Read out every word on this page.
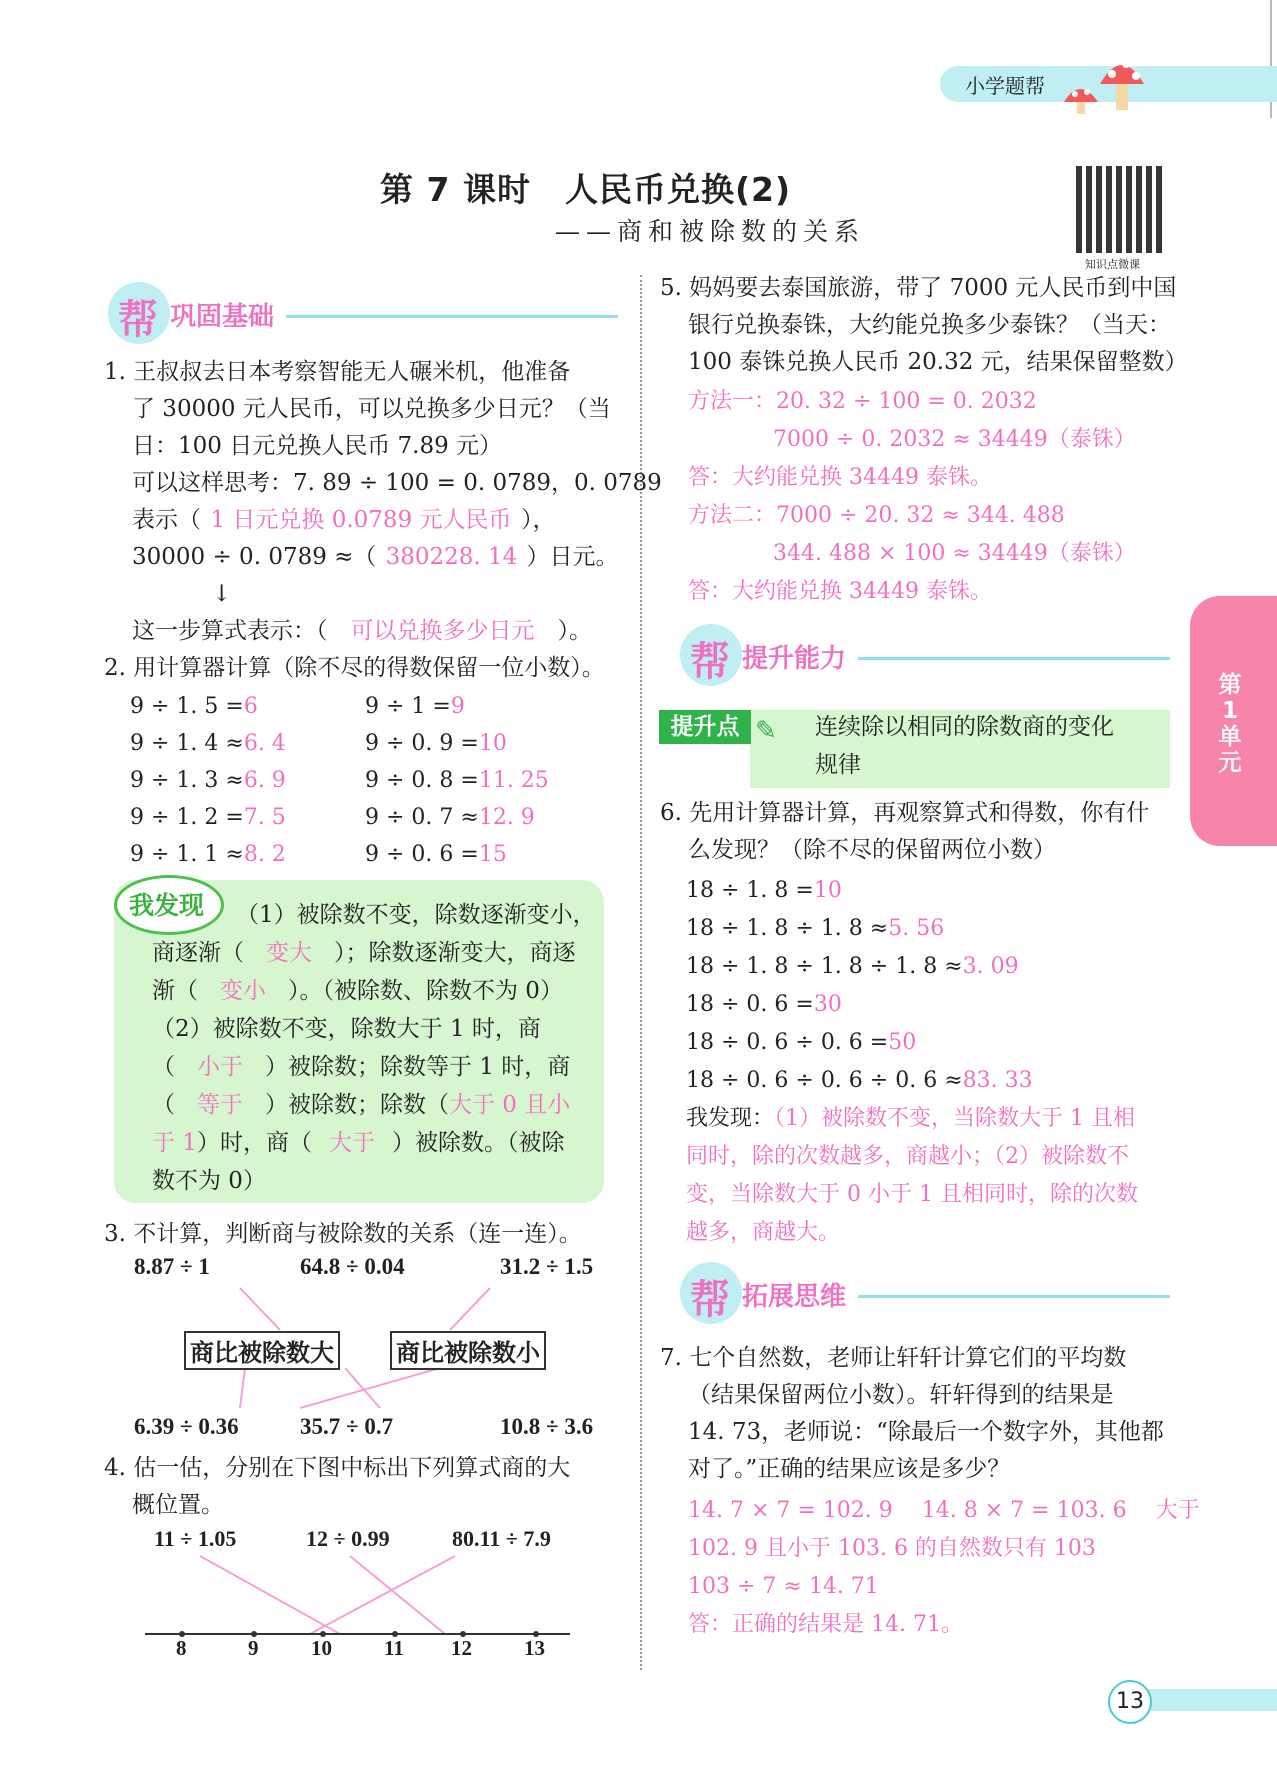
小学题帮
第 7 课时　人民币兑换(2)
——商和被除数的关系
知识点微课
帮 巩固基础
1. 王叔叔去日本考察智能无人碾米机，他准备
了 30000 元人民币，可以兑换多少日元？（当
日：100 日元兑换人民币 7.89 元）
可以这样思考：7. 89 ÷ 100 = 0. 0789，0. 0789
表示（ 1 日元兑换 0.0789 元人民币 ），
30000 ÷ 0. 0789 ≈（ 380228. 14 ）日元。
↓
这一步算式表示：（ 可以兑换多少日元 ）。
2. 用计算器计算（除不尽的得数保留一位小数）。
9 ÷ 1. 5 =6	9 ÷ 1 =9
9 ÷ 1. 4 ≈6. 4	9 ÷ 0. 9 =10
9 ÷ 1. 3 ≈6. 9	9 ÷ 0. 8 =11. 25
9 ÷ 1. 2 =7. 5	9 ÷ 0. 7 ≈12. 9
9 ÷ 1. 1 ≈8. 2	9 ÷ 0. 6 =15
我发现	（1）被除数不变，除数逐渐变小，
商逐渐（ 变大 ）；除数逐渐变大，商逐
渐（ 变小 ）。（被除数、除数不为 0）
（2）被除数不变，除数大于 1 时，商
（ 小于 ）被除数；除数等于 1 时，商
（ 等于 ）被除数；除数（大于 0 且小
于 1）时，商（ 大于 ）被除数。（被除
数不为 0）
3. 不计算，判断商与被除数的关系（连一连）。
8.87 ÷ 1	64.8 ÷ 0.04	31.2 ÷ 1.5
商比被除数大	商比被除数小
6.39 ÷ 0.36	35.7 ÷ 0.7	10.8 ÷ 3.6
4. 估一估，分别在下图中标出下列算式商的大
概位置。
11 ÷ 1.05	12 ÷ 0.99	80.11 ÷ 7.9
8	9	10 11 12 13
5. 妈妈要去泰国旅游，带了 7000 元人民币到中国
银行兑换泰铢，大约能兑换多少泰铢？（当天：
100 泰铢兑换人民币 20.32 元，结果保留整数）
方法一：20. 32 ÷ 100 = 0. 2032
7000 ÷ 0. 2032 ≈ 34449（泰铢）
答：大约能兑换 34449 泰铢。
方法二：7000 ÷ 20. 32 ≈ 344. 488
344. 488 × 100 ≈ 34449（泰铢）
答：大约能兑换 34449 泰铢。
帮 提升能力
提升点 ✎ 连续除以相同的除数商的变化
规律
6. 先用计算器计算，再观察算式和得数，你有什
么发现？（除不尽的保留两位小数）
18 ÷ 1. 8 =10
18 ÷ 1. 8 ÷ 1. 8 ≈5. 56
18 ÷ 1. 8 ÷ 1. 8 ÷ 1. 8 ≈3. 09
18 ÷ 0. 6 =30
18 ÷ 0. 6 ÷ 0. 6 =50
18 ÷ 0. 6 ÷ 0. 6 ÷ 0. 6 ≈83. 33
我发现：（1）被除数不变，当除数大于 1 且相
同时，除的次数越多，商越小；（2）被除数不
变，当除数大于 0 小于 1 且相同时，除的次数
越多，商越大。
帮 拓展思维
7. 七个自然数，老师让轩轩计算它们的平均数
（结果保留两位小数）。轩轩得到的结果是
14. 73，老师说：“除最后一个数字外，其他都
对了。”正确的结果应该是多少？
14. 7 × 7 = 102. 9　 14. 8 × 7 = 103. 6　 大于
102. 9 且小于 103. 6 的自然数只有 103
103 ÷ 7 ≈ 14. 71
答：正确的结果是 14. 71。
第1单元
13
